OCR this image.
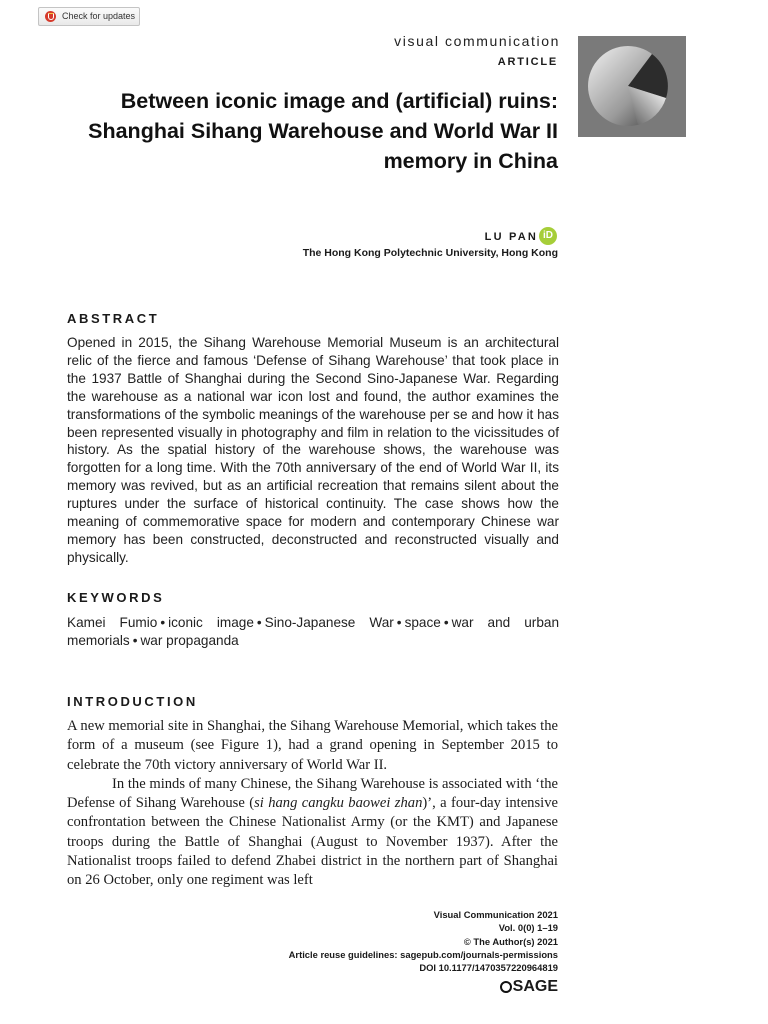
Check for updates
visual communication
ARTICLE
Between iconic image and (artificial) ruins: Shanghai Sihang Warehouse and World War II memory in China
LU PAN iD
The Hong Kong Polytechnic University, Hong Kong
ABSTRACT
Opened in 2015, the Sihang Warehouse Memorial Museum is an architectural relic of the fierce and famous ‘Defense of Sihang Warehouse’ that took place in the 1937 Battle of Shanghai during the Second Sino-Japanese War. Regarding the warehouse as a national war icon lost and found, the author examines the transformations of the symbolic meanings of the warehouse per se and how it has been represented visually in photography and film in relation to the vicissitudes of history. As the spatial history of the warehouse shows, the warehouse was forgotten for a long time. With the 70th anniversary of the end of World War II, its memory was revived, but as an artificial recreation that remains silent about the ruptures under the surface of historical continuity. The case shows how the meaning of commemorative space for modern and contemporary Chinese war memory has been constructed, deconstructed and reconstructed visually and physically.
KEYWORDS
Kamei Fumio • iconic image • Sino-Japanese War • space • war and urban memorials • war propaganda
INTRODUCTION

A new memorial site in Shanghai, the Sihang Warehouse Memorial, which takes the form of a museum (see Figure 1), had a grand opening in September 2015 to celebrate the 70th victory anniversary of World War II.

In the minds of many Chinese, the Sihang Warehouse is associated with ‘the Defense of Sihang Warehouse (si hang cangku baowei zhan)’, a four-day intensive confrontation between the Chinese Nationalist Army (or the KMT) and Japanese troops during the Battle of Shanghai (August to November 1937). After the Nationalist troops failed to defend Zhabei district in the northern part of Shanghai on 26 October, only one regiment was left

Visual Communication 2021
Vol. 0(0) 1–19
© The Author(s) 2021
Article reuse guidelines: sagepub.com/journals-permissions
DOI 10.1177/1470357220964819
SAGE
